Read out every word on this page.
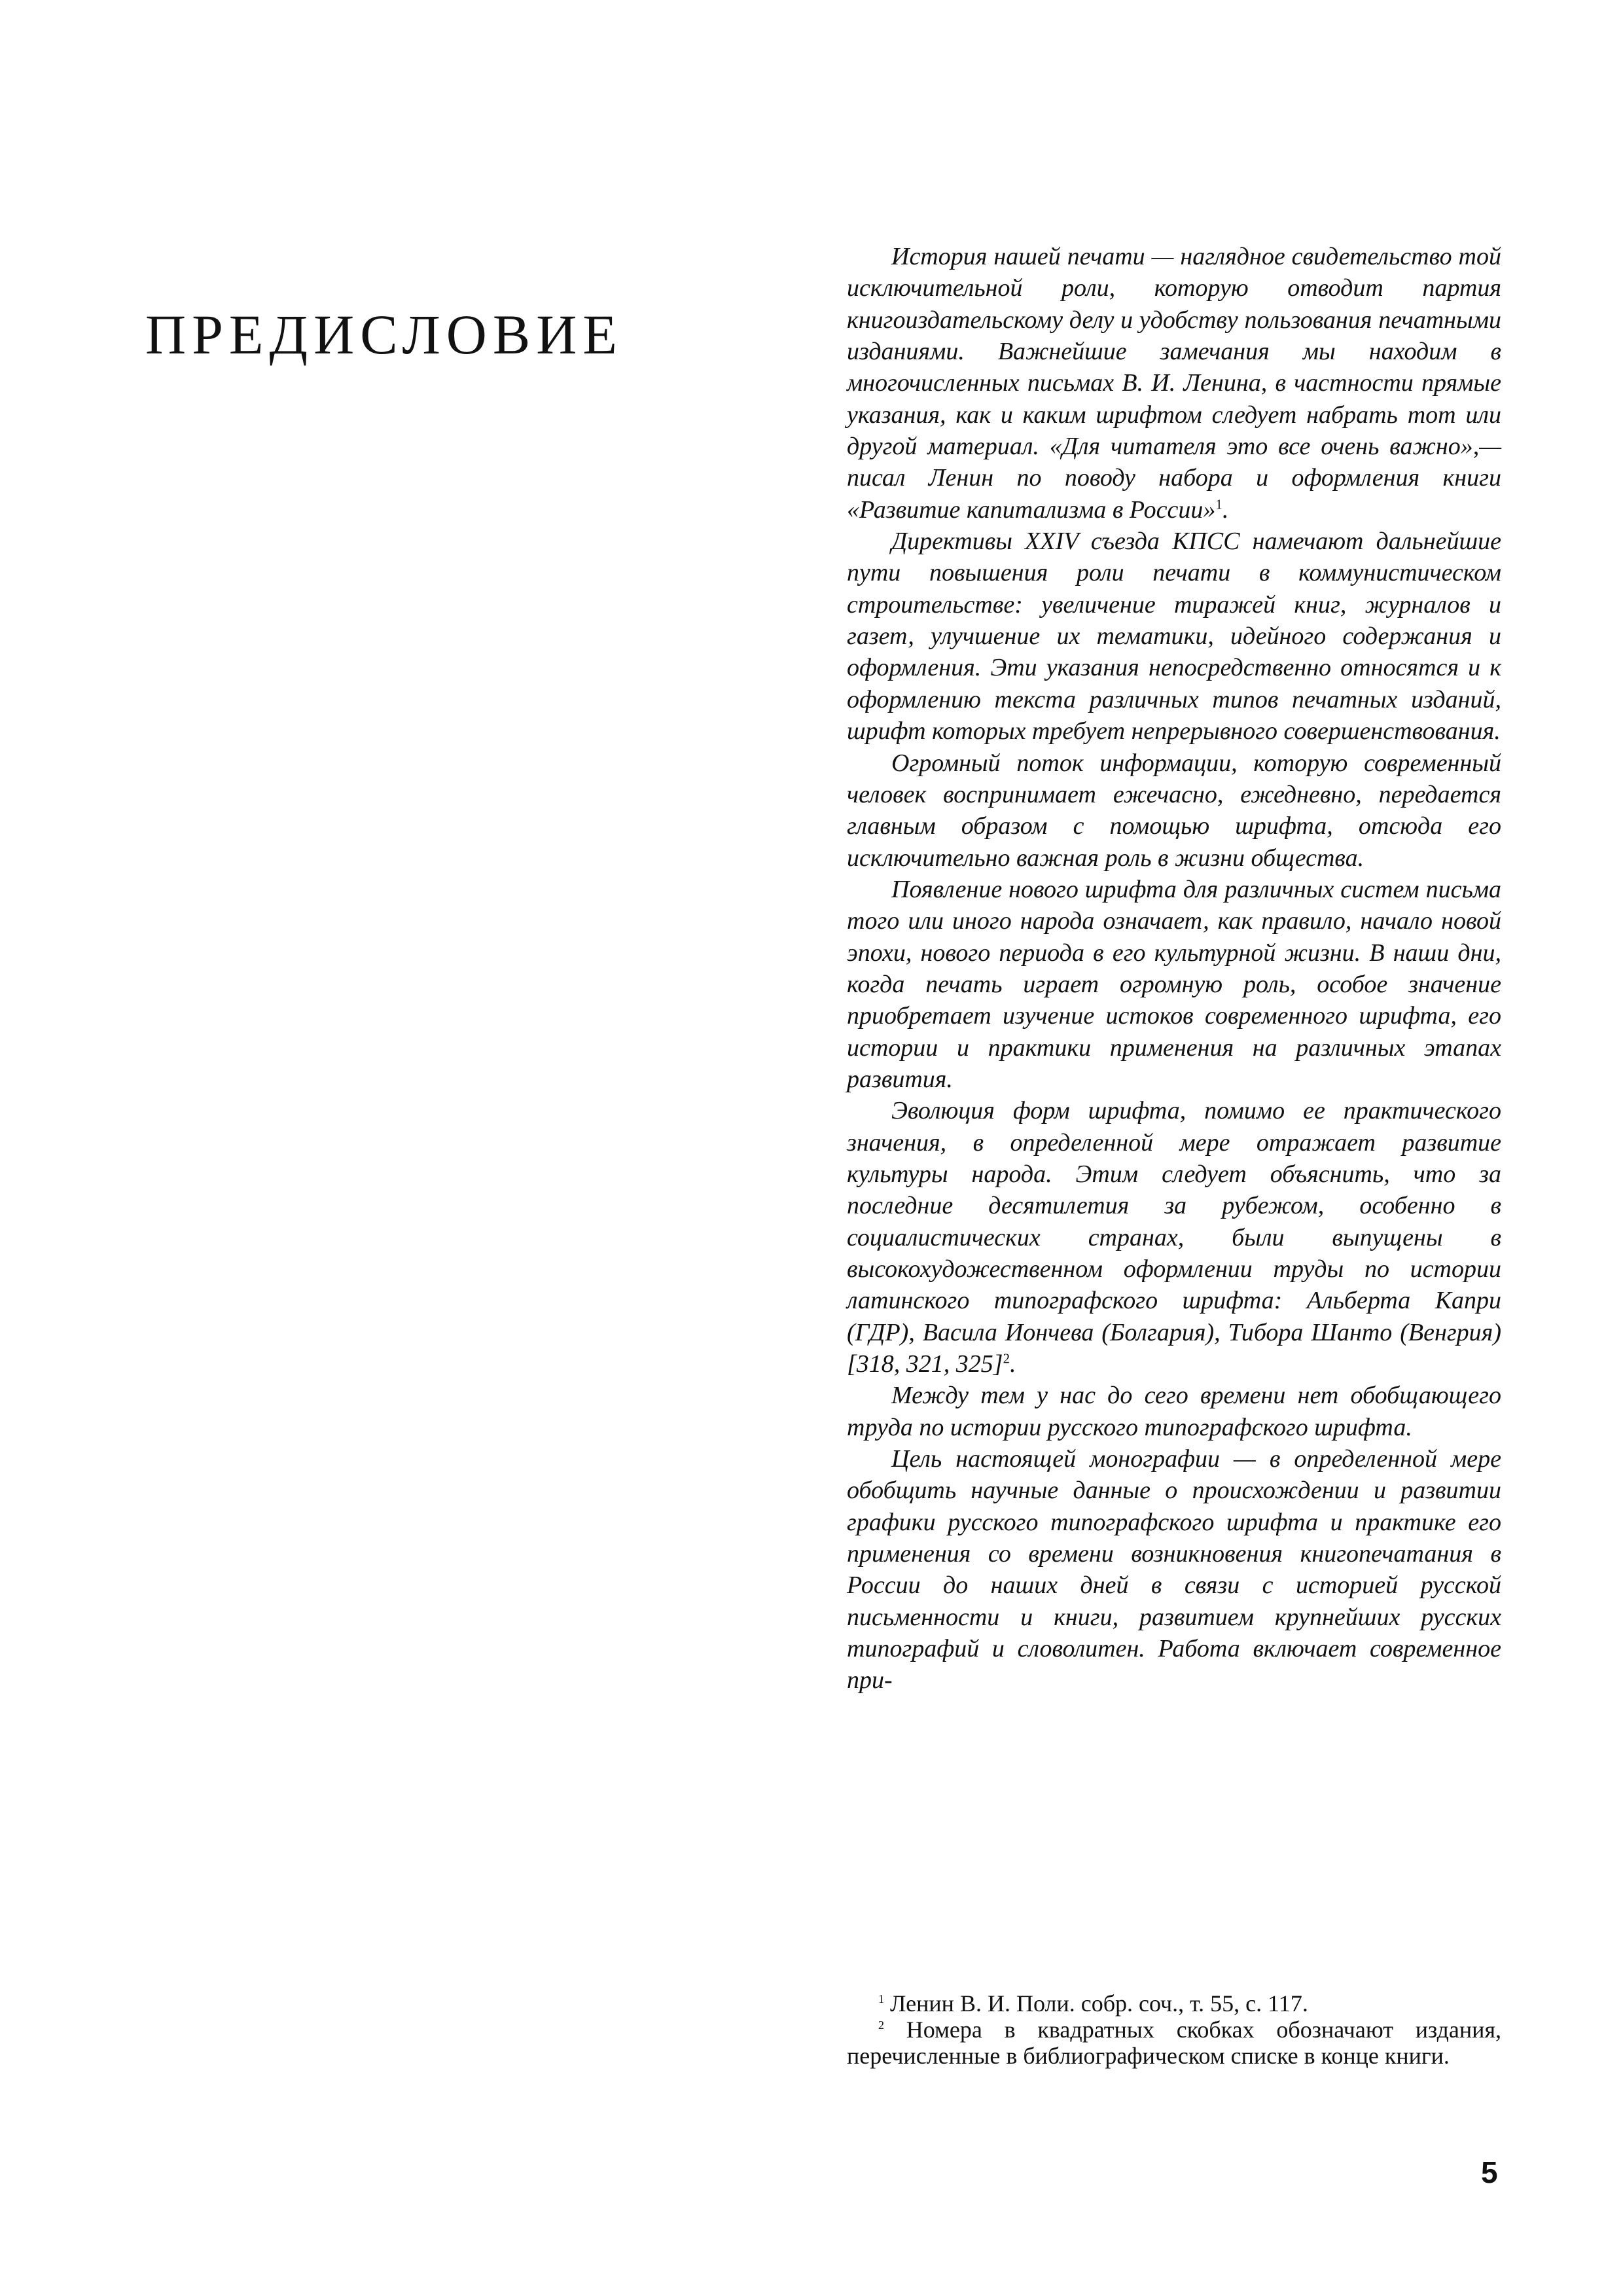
ПРЕДИСЛОВИЕ

История нашей печати — наглядное свидетельство той исключительной роли, которую отводит партия книгоиздательскому делу и удобству пользования печатными изданиями. Важнейшие замечания мы находим в многочисленных письмах В. И. Ленина, в частности прямые указания, как и каким шрифтом следует набрать тот или другой материал. «Для читателя это все очень важно»,— писал Ленин по поводу набора и оформления книги «Развитие капитализма в России»$^1$.

Директивы XXIV съезда КПСС намечают дальнейшие пути повышения роли печати в коммунистическом строительстве: увеличение тиражей книг, журналов и газет, улучшение их тематики, идейного содержания и оформления. Эти указания непосредственно относятся и к оформлению текста различных типов печатных изданий, шрифт которых требует непрерывного совершенствования.

Огромный поток информации, которую современный человек воспринимает ежечасно, ежедневно, передается главным образом с помощью шрифта, отсюда его исключительно важная роль в жизни общества.

Появление нового шрифта для различных систем письма того или иного народа означает, как правило, начало новой эпохи, нового периода в его культурной жизни. В наши дни, когда печать играет огромную роль, особое значение приобретает изучение истоков современного шрифта, его истории и практики применения на различных этапах развития.

Эволюция форм шрифта, помимо ее практического значения, в определенной мере отражает развитие культуры народа. Этим следует объяснить, что за последние десятилетия за рубежом, особенно в социалистических странах, были выпущены в высокохудожественном оформлении труды по истории латинского типографского шрифта: Альберта Капри (ГДР), Васила Иончева (Болгария), Тибора Шанто (Венгрия) [318, 321, 325]$^2$.

Между тем у нас до сего времени нет обобщающего труда по истории русского типографского шрифта.

Цель настоящей монографии — в определенной мере обобщить научные данные о происхождении и развитии графики русского типографского шрифта и практике его применения со времени возникновения книгопечатания в России до наших дней в связи с историей русской письменности и книги, развитием крупнейших русских типографий и словолитен. Работа включает современное при-

$^1$ Ленин В. И. Поли. собр. соч., т. 55, с. 117.

$^2$ Номера в квадратных скобках обозначают издания, перечисленные в библиографическом списке в конце книги.

5
